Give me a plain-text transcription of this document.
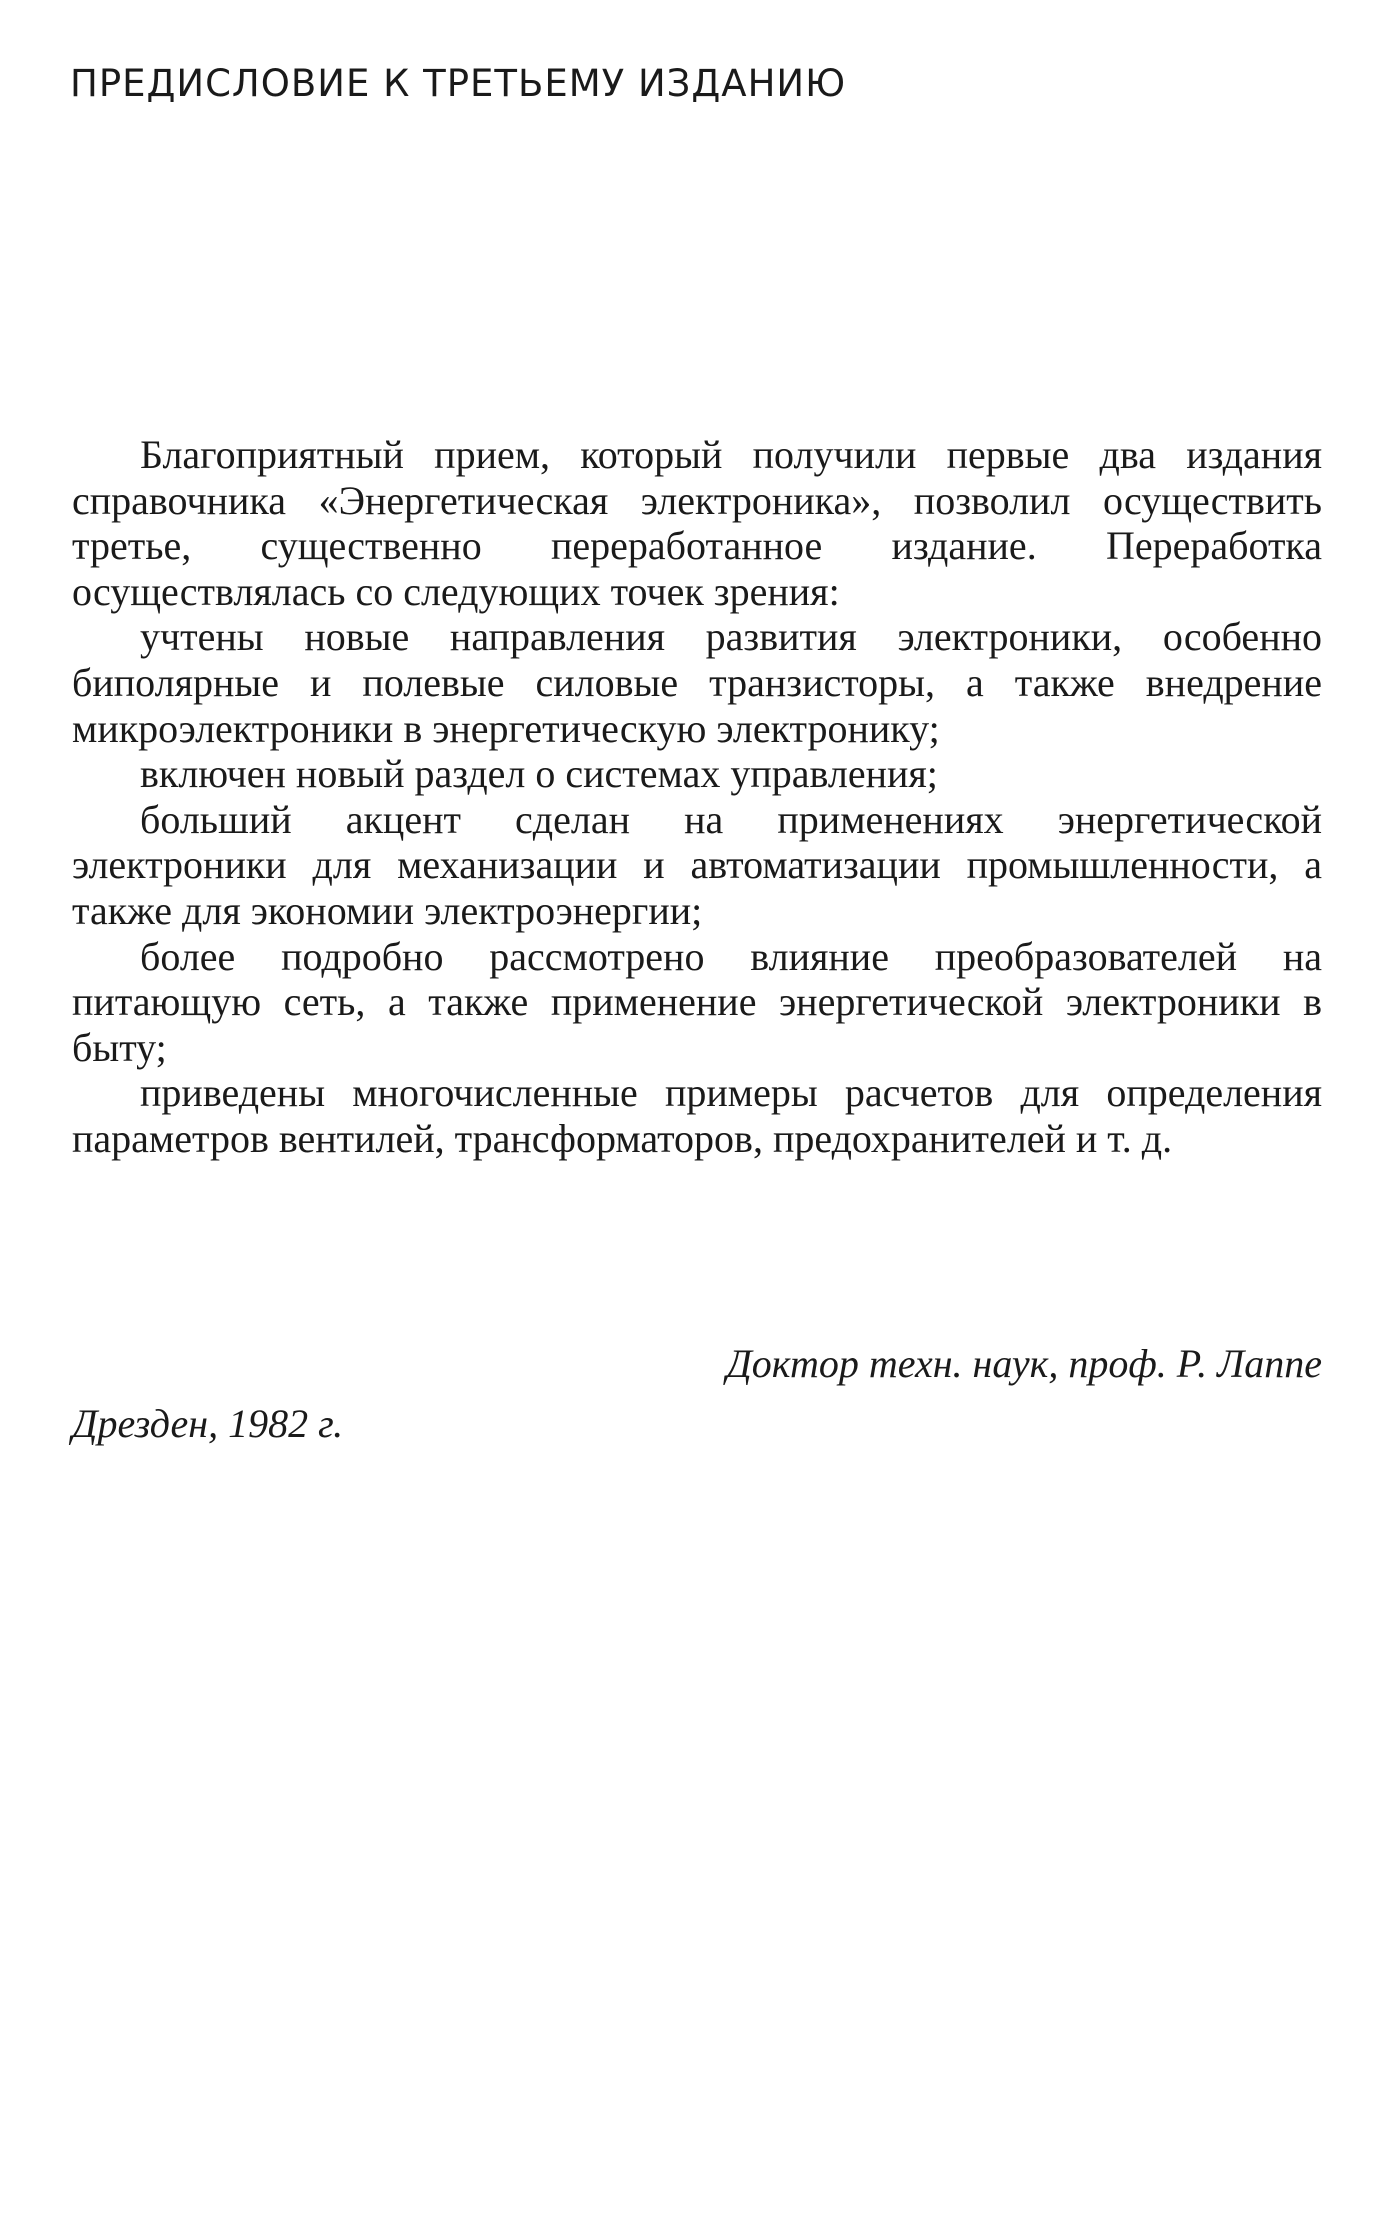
ПРЕДИСЛОВИЕ К ТРЕТЬЕМУ ИЗДАНИЮ

Благоприятный прием, который получили первые два издания справочника «Энергетическая электроника», позволил осуществить третье, существенно переработанное издание. Переработка осуществлялась со следующих точек зрения:

учтены новые направления развития электроники, особенно биполярные и полевые силовые транзисторы, а также внедрение микроэлектроники в энергетическую электронику;

включен новый раздел о системах управления;

больший акцент сделан на применениях энергетической электроники для механизации и автоматизации промышленности, а также для экономии электроэнергии;

более подробно рассмотрено влияние преобразователей на питающую сеть, а также применение энергетической электроники в быту;

приведены многочисленные примеры расчетов для определения параметров вентилей, трансформаторов, предохранителей и т. д.

Доктор техн. наук, проф. Р. Лаппе

Дрезден, 1982 г.
